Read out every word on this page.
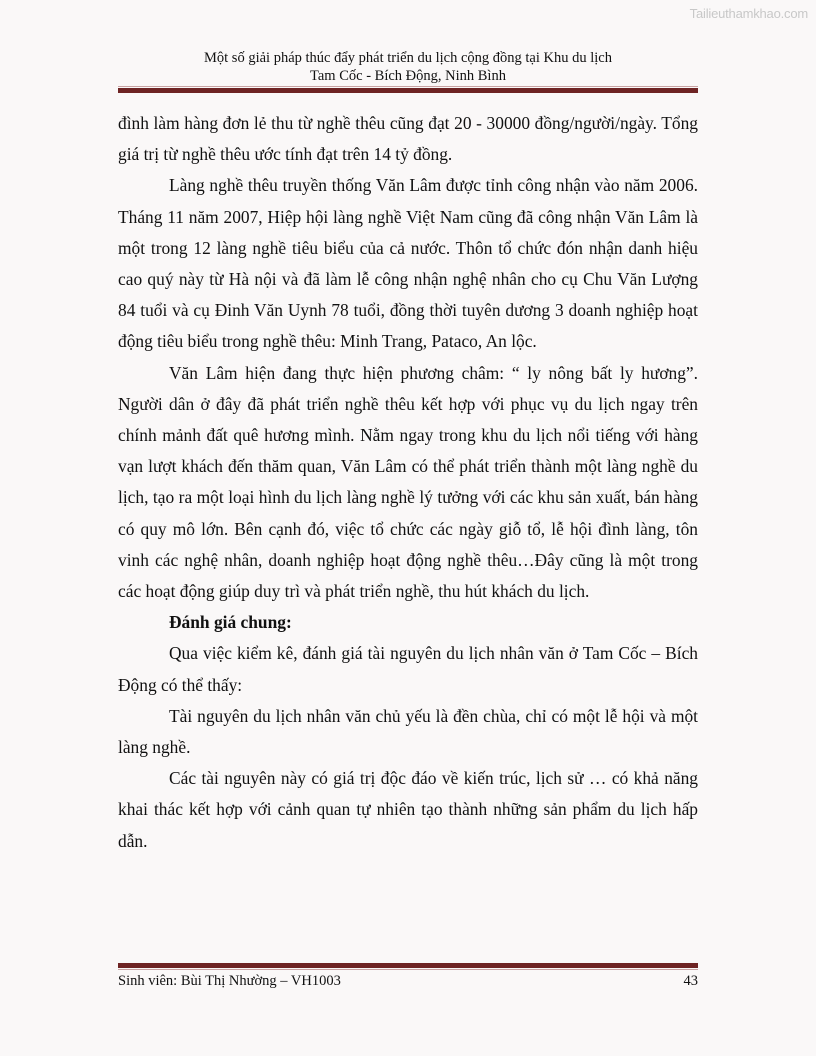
Tailieuthamkhao.com
Một số giải pháp thúc đẩy phát triển du lịch cộng đồng tại Khu du lịch
Tam Cốc - Bích Động, Ninh Bình

đình làm hàng đơn lẻ thu từ nghề thêu cũng đạt 20 - 30000 đồng/người/ngày. Tổng giá trị từ nghề thêu ước tính đạt trên 14 tỷ đồng.

Làng nghề thêu truyền thống Văn Lâm được tỉnh công nhận vào năm 2006. Tháng 11 năm 2007, Hiệp hội làng nghề Việt Nam cũng đã công nhận Văn Lâm là một trong 12 làng nghề tiêu biểu của cả nước. Thôn tổ chức đón nhận danh hiệu cao quý này từ Hà nội và đã làm lễ công nhận nghệ nhân cho cụ Chu Văn Lượng 84 tuổi và cụ Đinh Văn Uynh 78 tuổi, đồng thời tuyên dương 3 doanh nghiệp hoạt động tiêu biểu trong nghề thêu: Minh Trang, Pataco, An lộc.

Văn Lâm hiện đang thực hiện phương châm: “ ly nông bất ly hương”. Người dân ở đây đã phát triển nghề thêu kết hợp với phục vụ du lịch ngay trên chính mảnh đất quê hương mình. Nằm ngay trong khu du lịch nổi tiếng với hàng vạn lượt khách đến thăm quan, Văn Lâm có thể phát triển thành một làng nghề du lịch, tạo ra một loại hình du lịch làng nghề lý tưởng với các khu sản xuất, bán hàng có quy mô lớn. Bên cạnh đó, việc tổ chức các ngày giỗ tổ, lễ hội đình làng, tôn vinh các nghệ nhân, doanh nghiệp hoạt động nghề thêu…Đây cũng là một trong các hoạt động giúp duy trì và phát triển nghề, thu hút khách du lịch.

Đánh giá chung:

Qua việc kiểm kê, đánh giá tài nguyên du lịch nhân văn ở Tam Cốc – Bích Động có thể thấy:

Tài nguyên du lịch nhân văn chủ yếu là đền chùa, chỉ có một lễ hội và một làng nghề.

Các tài nguyên này có giá trị độc đáo về kiến trúc, lịch sử … có khả năng khai thác kết hợp với cảnh quan tự nhiên tạo thành những sản phẩm du lịch hấp dẫn.

Sinh viên: Bùi Thị Nhường – VH1003	43
